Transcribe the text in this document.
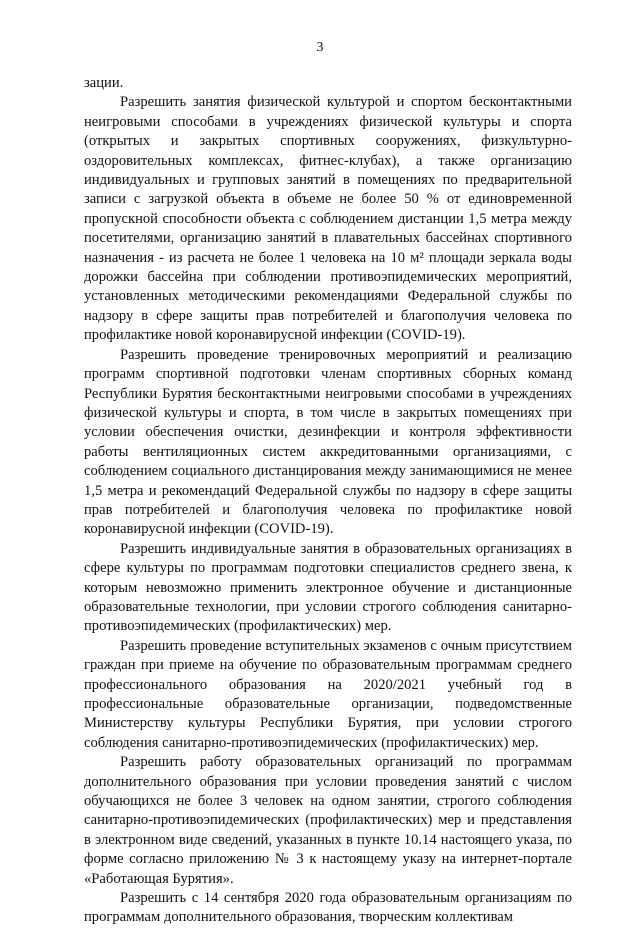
3

зации.

Разрешить занятия физической культурой и спортом бесконтактными неигровыми способами в учреждениях физической культуры и спорта (открытых и закрытых спортивных сооружениях, физкультурно-оздоровительных комплексах, фитнес-клубах), а также организацию индивидуальных и групповых занятий в помещениях по предварительной записи с загрузкой объекта в объеме не более 50 % от единовременной пропускной способности объекта с соблюдением дистанции 1,5 метра между посетителями, организацию занятий в плавательных бассейнах спортивного назначения - из расчета не более 1 человека на 10 м² площади зеркала воды дорожки бассейна при соблюдении противоэпидемических мероприятий, установленных методическими рекомендациями Федеральной службы по надзору в сфере защиты прав потребителей и благополучия человека по профилактике новой коронавирусной инфекции (COVID-19).

Разрешить проведение тренировочных мероприятий и реализацию программ спортивной подготовки членам спортивных сборных команд Республики Бурятия бесконтактными неигровыми способами в учреждениях физической культуры и спорта, в том числе в закрытых помещениях при условии обеспечения очистки, дезинфекции и контроля эффективности работы вентиляционных систем аккредитованными организациями, с соблюдением социального дистанцирования между занимающимися не менее 1,5 метра и рекомендаций Федеральной службы по надзору в сфере защиты прав потребителей и благополучия человека по профилактике новой коронавирусной инфекции (COVID-19).

Разрешить индивидуальные занятия в образовательных организациях в сфере культуры по программам подготовки специалистов среднего звена, к которым невозможно применить электронное обучение и дистанционные образовательные технологии, при условии строгого соблюдения санитарно-противоэпидемических (профилактических) мер.

Разрешить проведение вступительных экзаменов с очным присутствием граждан при приеме на обучение по образовательным программам среднего профессионального образования на 2020/2021 учебный год в профессиональные образовательные организации, подведомственные Министерству культуры Республики Бурятия, при условии строгого соблюдения санитарно-противоэпидемических (профилактических) мер.

Разрешить работу образовательных организаций по программам дополнительного образования при условии проведения занятий с числом обучающихся не более 3 человек на одном занятии, строгого соблюдения санитарно-противоэпидемических (профилактических) мер и представления в электронном виде сведений, указанных в пункте 10.14 настоящего указа, по форме согласно приложению № 3 к настоящему указу на интернет-портале «Работающая Бурятия».

Разрешить с 14 сентября 2020 года образовательным организациям по программам дополнительного образования, творческим коллективам
